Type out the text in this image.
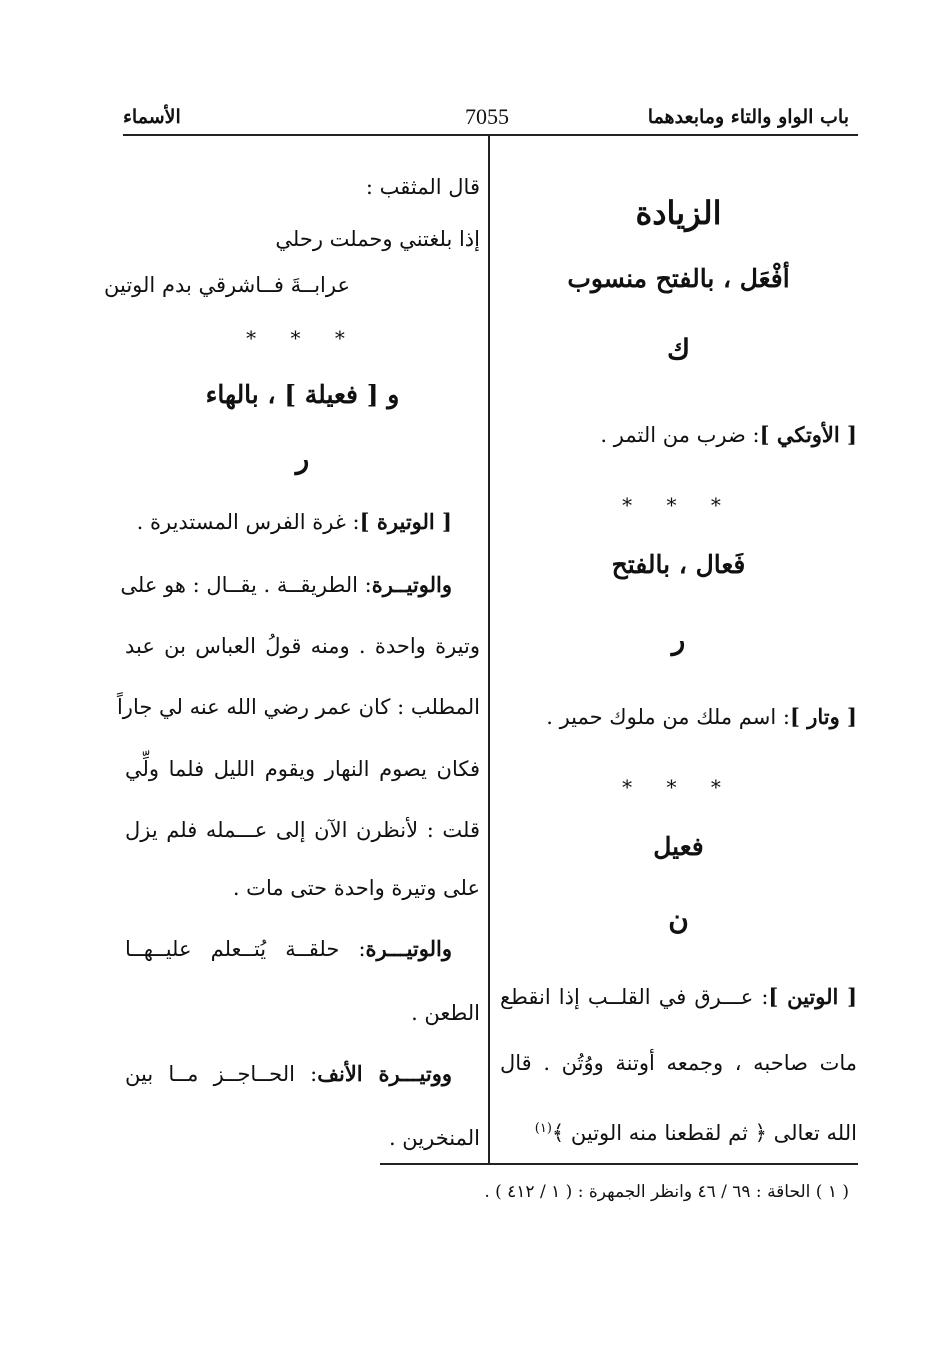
باب الواو والتاء ومابعدهما
7055
الأسماء
الزيادة
أفْعَل ، بالفتح منسوب
ك
[ الأوتكي ]: ضرب من التمر .
* * *
فَعال ، بالفتح
ر
[ وتار ]: اسم ملك من ملوك حمير .
* * *
فعيل
ن
[ الوتين ]: عـــرق في القلــب إذا انقطع
مات صاحبه ، وجمعه أوتنة ووُتُن . قال
الله تعالى ﴿ ثم لقطعنا منه الوتين ﴾$^{(١)}$
قال المثقب :
إذا بلغتني وحملت رحلي
عرابــةَ فــاشرقي بدم الوتين
* * *
و [ فعيلة ] ، بالهاء
ر
[ الوتيرة ]: غرة الفرس المستديرة .
والوتيــرة: الطريقــة . يقــال : هو على
وتيرة واحدة . ومنه قولُ العباس بن عبد
المطلب : كان عمر رضي الله عنه لي جاراً
فكان يصوم النهار ويقوم الليل فلما ولِّي
قلت : لأنظرن الآن إلى عـــمله فلم يزل
على وتيرة واحدة حتى مات .
والوتيـــرة: حلقــة يُتــعلم عليــهــا
الطعن .
ووتيـــرة الأنف: الحــاجــز مــا بين
المنخرين .
( ١ ) الحاقة : ٦٩ / ٤٦ وانظر الجمهرة : ( ١ / ٤١٢ ) .
